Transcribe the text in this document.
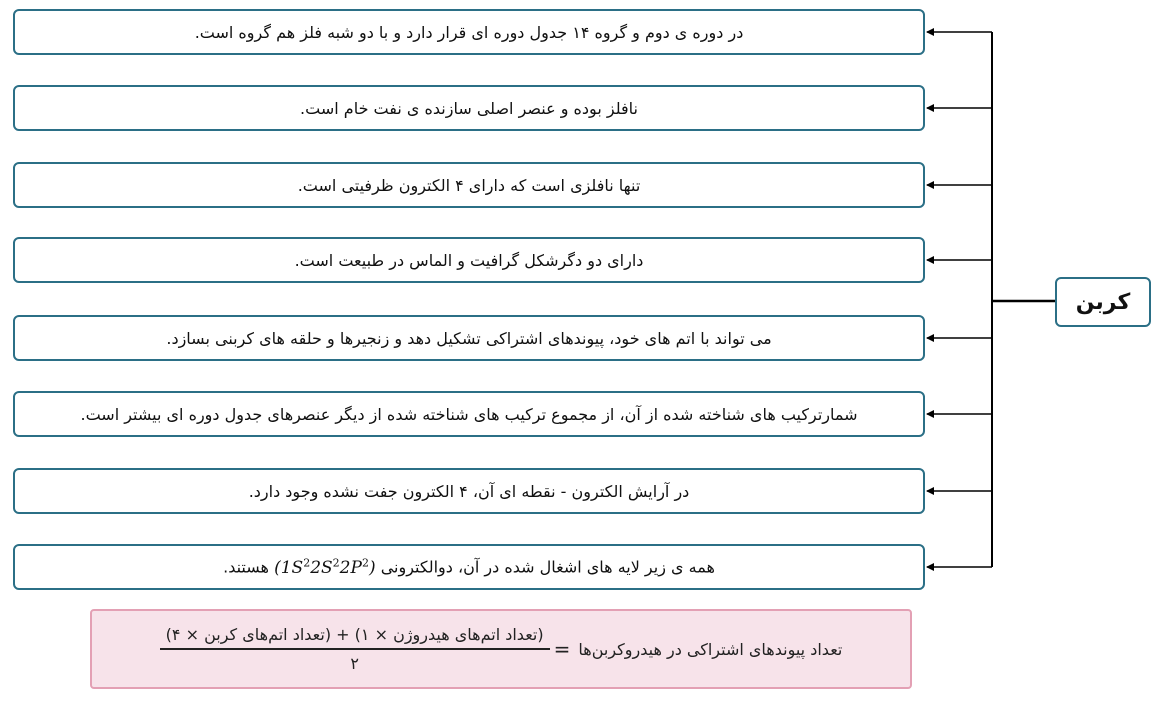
کربن
در دوره ی دوم و گروه ۱۴ جدول دوره ای قرار دارد و با دو شبه فلز هم گروه است.
نافلز بوده و عنصر اصلی سازنده ی نفت خام است.
تنها نافلزی است که دارای ۴ الکترون ظرفیتی است.
دارای دو دگرشکل گرافیت و الماس در طبیعت است.
می تواند با اتم های خود، پیوندهای اشتراکی تشکیل دهد و زنجیرها و حلقه های کربنی بسازد.
شمارترکیب های شناخته شده از آن، از مجموع ترکیب های شناخته شده از دیگر عنصرهای جدول دوره ای بیشتر است.
در آرایش الکترون - نقطه ای آن، ۴ الکترون جفت نشده وجود دارد.
همه ی زیر لایه های اشغال شده در آن، دوالکترونی $(1S^22S^22P^2)$ هستند.
تعداد پیوندهای اشتراکی در هیدروکربن‌ها
=
$\frac{\text{(تعداد اتم‌های هیدروژن × ۱) + (تعداد اتم‌های کربن × ۴)}}{۲}$
